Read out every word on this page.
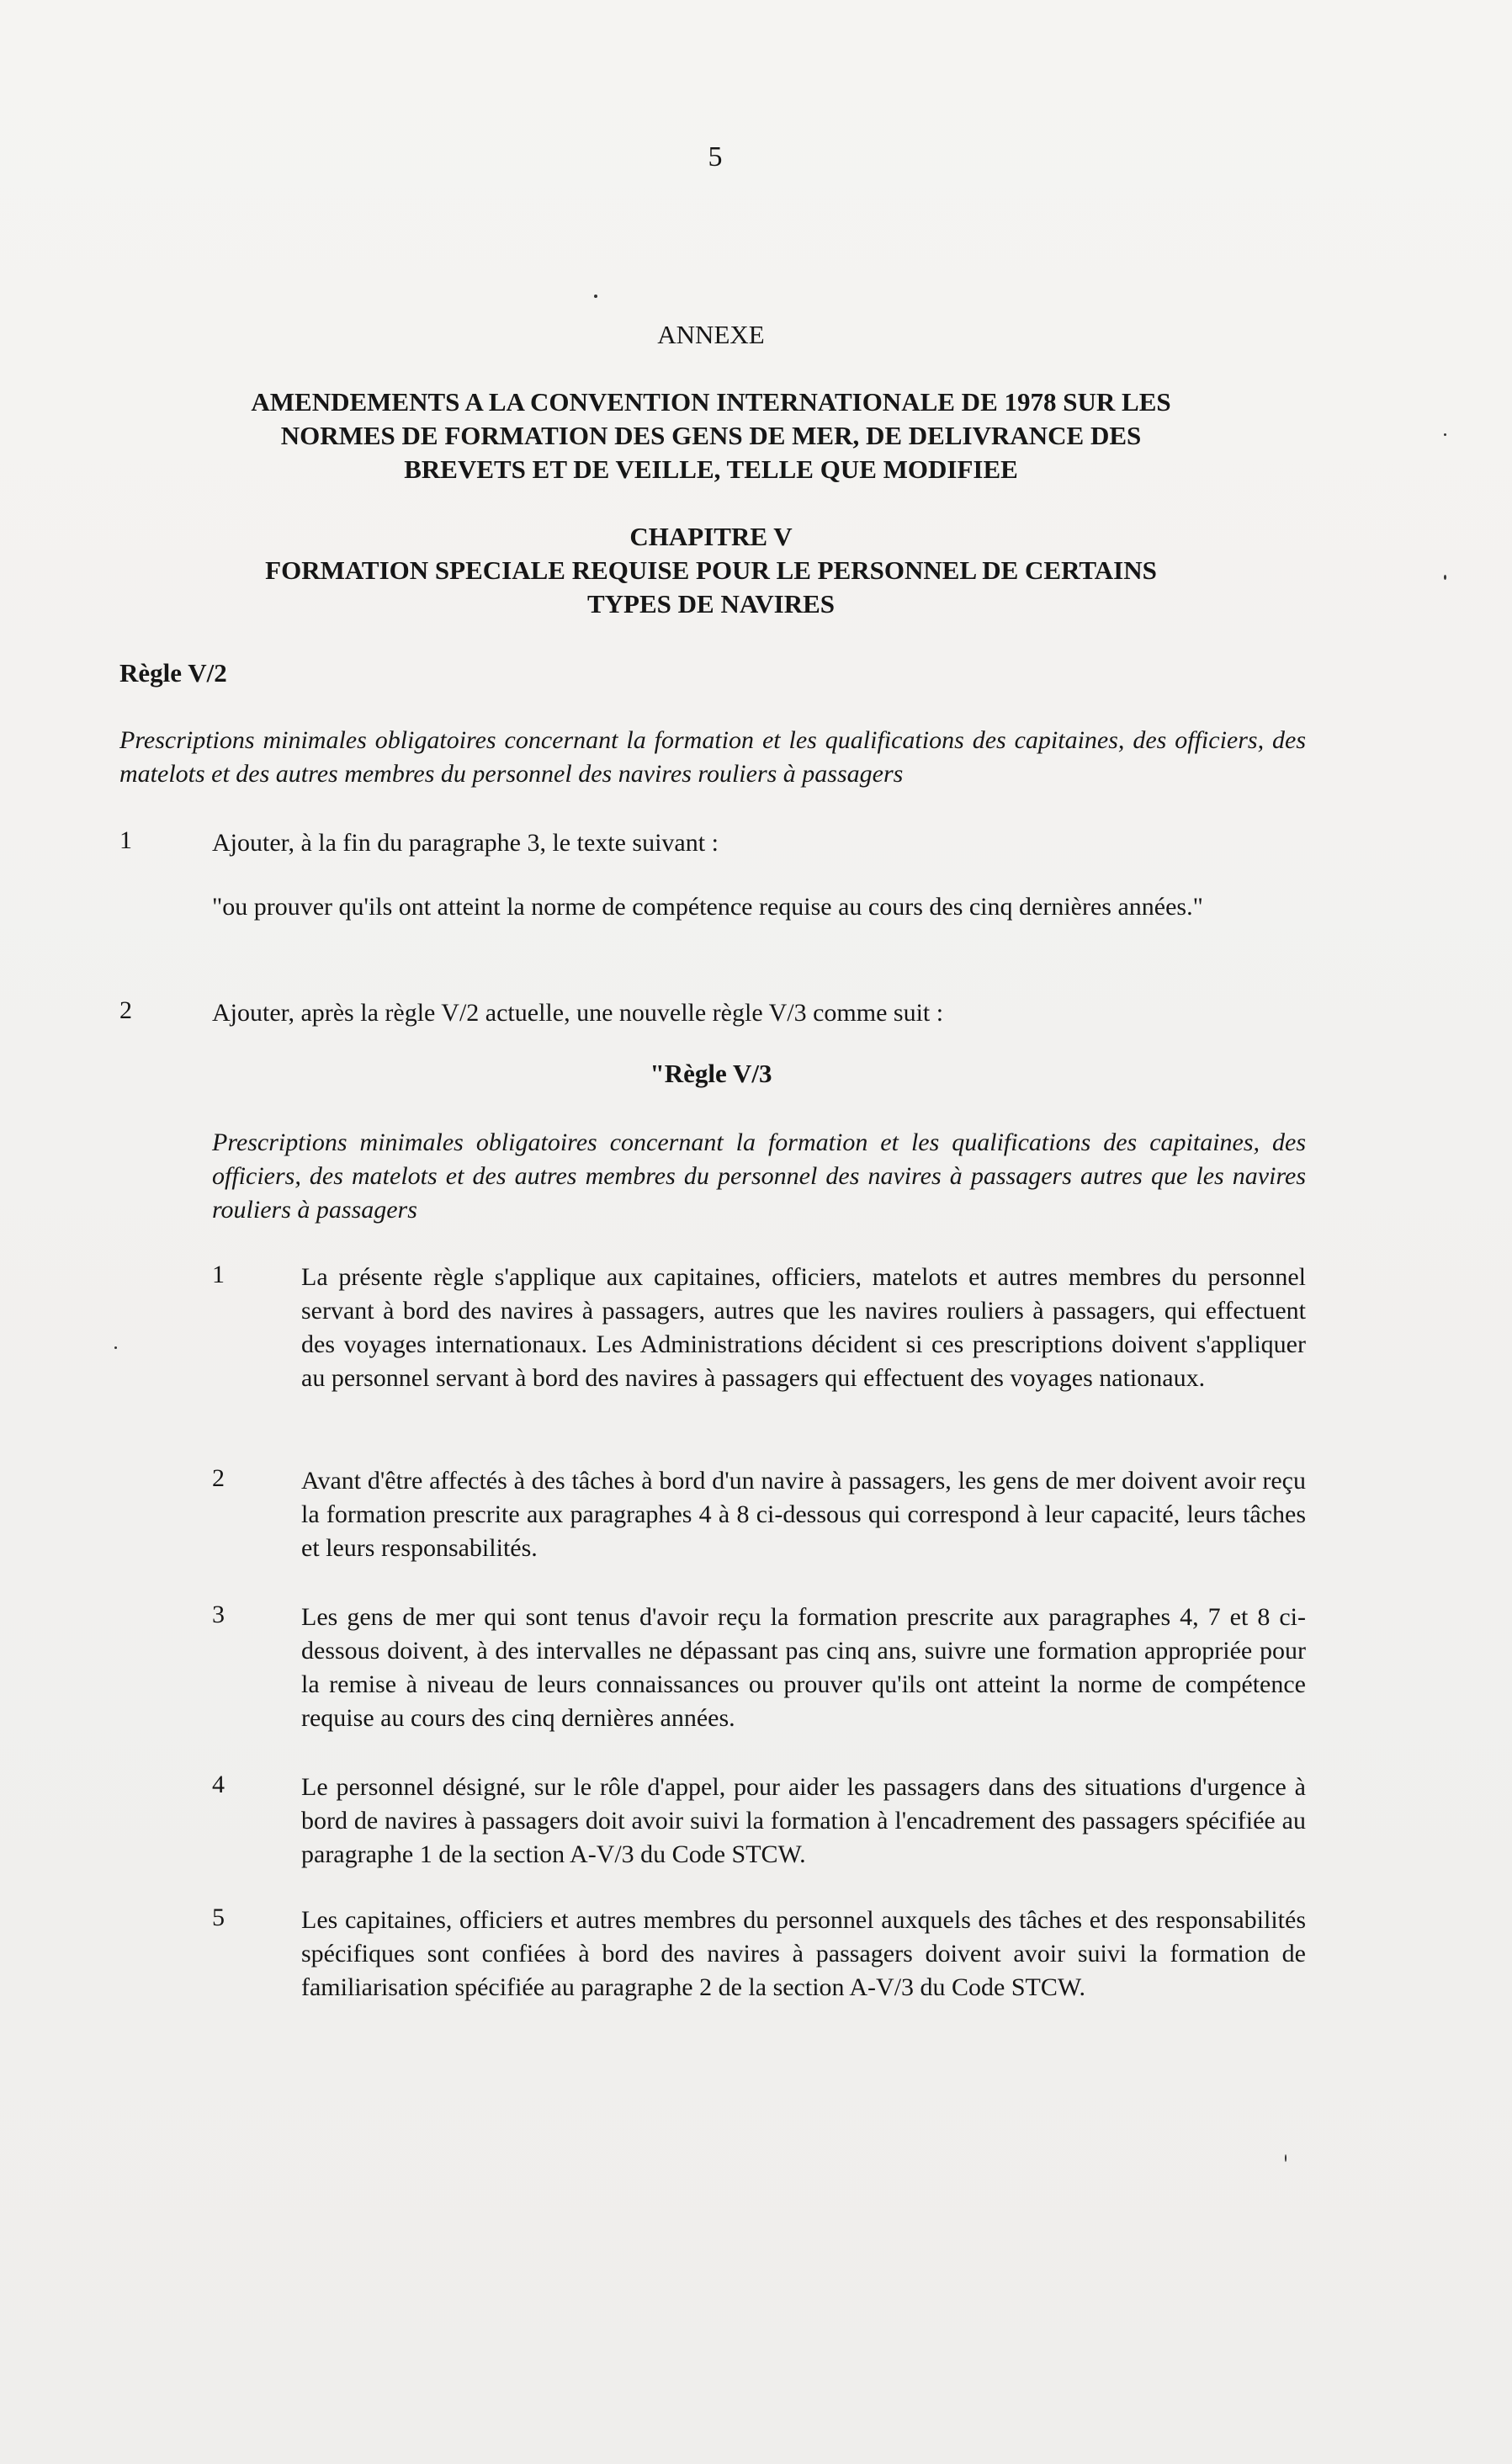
5
ANNEXE
AMENDEMENTS A LA CONVENTION INTERNATIONALE DE 1978 SUR LES
NORMES DE FORMATION DES GENS DE MER, DE DELIVRANCE DES
BREVETS ET DE VEILLE, TELLE QUE MODIFIEE
CHAPITRE V
FORMATION SPECIALE REQUISE POUR LE PERSONNEL DE CERTAINS
TYPES DE NAVIRES
Règle V/2
Prescriptions minimales obligatoires concernant la formation et les qualifications des capitaines, des officiers, des matelots et des autres membres du personnel des navires rouliers à passagers
1	Ajouter, à la fin du paragraphe 3, le texte suivant :
"ou prouver qu'ils ont atteint la norme de compétence requise au cours des cinq dernières années."
2	Ajouter, après la règle V/2 actuelle, une nouvelle règle V/3 comme suit :
"Règle V/3
Prescriptions minimales obligatoires concernant la formation et les qualifications des capitaines, des officiers, des matelots et des autres membres du personnel des navires à passagers autres que les navires rouliers à passagers
1	La présente règle s'applique aux capitaines, officiers, matelots et autres membres du personnel servant à bord des navires à passagers, autres que les navires rouliers à passagers, qui effectuent des voyages internationaux. Les Administrations décident si ces prescriptions doivent s'appliquer au personnel servant à bord des navires à passagers qui effectuent des voyages nationaux.
2	Avant d'être affectés à des tâches à bord d'un navire à passagers, les gens de mer doivent avoir reçu la formation prescrite aux paragraphes 4 à 8 ci-dessous qui correspond à leur capacité, leurs tâches et leurs responsabilités.
3	Les gens de mer qui sont tenus d'avoir reçu la formation prescrite aux paragraphes 4, 7 et 8 ci-dessous doivent, à des intervalles ne dépassant pas cinq ans, suivre une formation appropriée pour la remise à niveau de leurs connaissances ou prouver qu'ils ont atteint la norme de compétence requise au cours des cinq dernières années.
4	Le personnel désigné, sur le rôle d'appel, pour aider les passagers dans des situations d'urgence à bord de navires à passagers doit avoir suivi la formation à l'encadrement des passagers spécifiée au paragraphe 1 de la section A-V/3 du Code STCW.
5	Les capitaines, officiers et autres membres du personnel auxquels des tâches et des responsabilités spécifiques sont confiées à bord des navires à passagers doivent avoir suivi la formation de familiarisation spécifiée au paragraphe 2 de la section A-V/3 du Code STCW.
